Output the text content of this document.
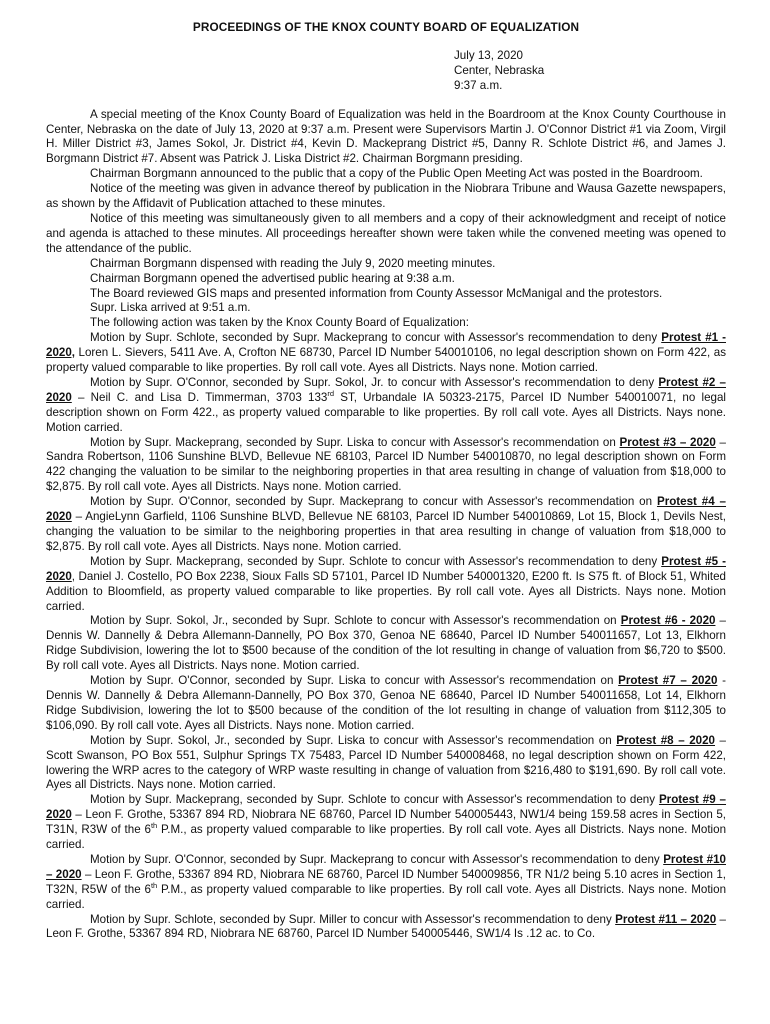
PROCEEDINGS OF THE KNOX COUNTY BOARD OF EQUALIZATION
July 13, 2020
Center, Nebraska
9:37 a.m.

A special meeting of the Knox County Board of Equalization was held in the Boardroom at the Knox County Courthouse in Center, Nebraska on the date of July 13, 2020 at 9:37 a.m. Present were Supervisors Martin J. O'Connor District #1 via Zoom, Virgil H. Miller District #3, James Sokol, Jr. District #4, Kevin D. Mackeprang District #5, Danny R. Schlote District #6, and James J. Borgmann District #7. Absent was Patrick J. Liska District #2. Chairman Borgmann presiding.

Chairman Borgmann announced to the public that a copy of the Public Open Meeting Act was posted in the Boardroom.

Notice of the meeting was given in advance thereof by publication in the Niobrara Tribune and Wausa Gazette newspapers, as shown by the Affidavit of Publication attached to these minutes.

Notice of this meeting was simultaneously given to all members and a copy of their acknowledgment and receipt of notice and agenda is attached to these minutes. All proceedings hereafter shown were taken while the convened meeting was opened to the attendance of the public.

Chairman Borgmann dispensed with reading the July 9, 2020 meeting minutes.

Chairman Borgmann opened the advertised public hearing at 9:38 a.m.

The Board reviewed GIS maps and presented information from County Assessor McManigal and the protestors.

Supr. Liska arrived at 9:51 a.m.

The following action was taken by the Knox County Board of Equalization:

Motion by Supr. Schlote, seconded by Supr. Mackeprang to concur with Assessor's recommendation to deny Protest #1 - 2020, Loren L. Sievers, 5411 Ave. A, Crofton NE 68730, Parcel ID Number 540010106, no legal description shown on Form 422, as property valued comparable to like properties. By roll call vote. Ayes all Districts. Nays none. Motion carried.

Motion by Supr. O'Connor, seconded by Supr. Sokol, Jr. to concur with Assessor's recommendation to deny Protest #2 – 2020 – Neil C. and Lisa D. Timmerman, 3703 133rd ST, Urbandale IA 50323-2175, Parcel ID Number 540010071, no legal description shown on Form 422., as property valued comparable to like properties. By roll call vote. Ayes all Districts. Nays none. Motion carried.

Motion by Supr. Mackeprang, seconded by Supr. Liska to concur with Assessor's recommendation on Protest #3 – 2020 – Sandra Robertson, 1106 Sunshine BLVD, Bellevue NE 68103, Parcel ID Number 540010870, no legal description shown on Form 422 changing the valuation to be similar to the neighboring properties in that area resulting in change of valuation from $18,000 to $2,875. By roll call vote. Ayes all Districts. Nays none. Motion carried.

Motion by Supr. O'Connor, seconded by Supr. Mackeprang to concur with Assessor's recommendation on Protest #4 – 2020 – AngieLynn Garfield, 1106 Sunshine BLVD, Bellevue NE 68103, Parcel ID Number 540010869, Lot 15, Block 1, Devils Nest, changing the valuation to be similar to the neighboring properties in that area resulting in change of valuation from $18,000 to $2,875. By roll call vote. Ayes all Districts. Nays none. Motion carried.

Motion by Supr. Mackeprang, seconded by Supr. Schlote to concur with Assessor's recommendation to deny Protest #5 - 2020, Daniel J. Costello, PO Box 2238, Sioux Falls SD 57101, Parcel ID Number 540001320, E200 ft. Is S75 ft. of Block 51, Whited Addition to Bloomfield, as property valued comparable to like properties. By roll call vote. Ayes all Districts. Nays none. Motion carried.

Motion by Supr. Sokol, Jr., seconded by Supr. Schlote to concur with Assessor's recommendation on Protest #6 - 2020 – Dennis W. Dannelly & Debra Allemann-Dannelly, PO Box 370, Genoa NE 68640, Parcel ID Number 540011657, Lot 13, Elkhorn Ridge Subdivision, lowering the lot to $500 because of the condition of the lot resulting in change of valuation from $6,720 to $500. By roll call vote. Ayes all Districts. Nays none. Motion carried.

Motion by Supr. O'Connor, seconded by Supr. Liska to concur with Assessor's recommendation on Protest #7 – 2020 - Dennis W. Dannelly & Debra Allemann-Dannelly, PO Box 370, Genoa NE 68640, Parcel ID Number 540011658, Lot 14, Elkhorn Ridge Subdivision, lowering the lot to $500 because of the condition of the lot resulting in change of valuation from $112,305 to $106,090. By roll call vote. Ayes all Districts. Nays none. Motion carried.

Motion by Supr. Sokol, Jr., seconded by Supr. Liska to concur with Assessor's recommendation on Protest #8 – 2020 – Scott Swanson, PO Box 551, Sulphur Springs TX 75483, Parcel ID Number 540008468, no legal description shown on Form 422, lowering the WRP acres to the category of WRP waste resulting in change of valuation from $216,480 to $191,690. By roll call vote. Ayes all Districts. Nays none. Motion carried.

Motion by Supr. Mackeprang, seconded by Supr. Schlote to concur with Assessor's recommendation to deny Protest #9 – 2020 – Leon F. Grothe, 53367 894 RD, Niobrara NE 68760, Parcel ID Number 540005443, NW1/4 being 159.58 acres in Section 5, T31N, R3W of the 6th P.M., as property valued comparable to like properties. By roll call vote. Ayes all Districts. Nays none. Motion carried.

Motion by Supr. O'Connor, seconded by Supr. Mackeprang to concur with Assessor's recommendation to deny Protest #10 – 2020 – Leon F. Grothe, 53367 894 RD, Niobrara NE 68760, Parcel ID Number 540009856, TR N1/2 being 5.10 acres in Section 1, T32N, R5W of the 6th P.M., as property valued comparable to like properties. By roll call vote. Ayes all Districts. Nays none. Motion carried.

Motion by Supr. Schlote, seconded by Supr. Miller to concur with Assessor's recommendation to deny Protest #11 – 2020 – Leon F. Grothe, 53367 894 RD, Niobrara NE 68760, Parcel ID Number 540005446, SW1/4 Is .12 ac. to Co.
